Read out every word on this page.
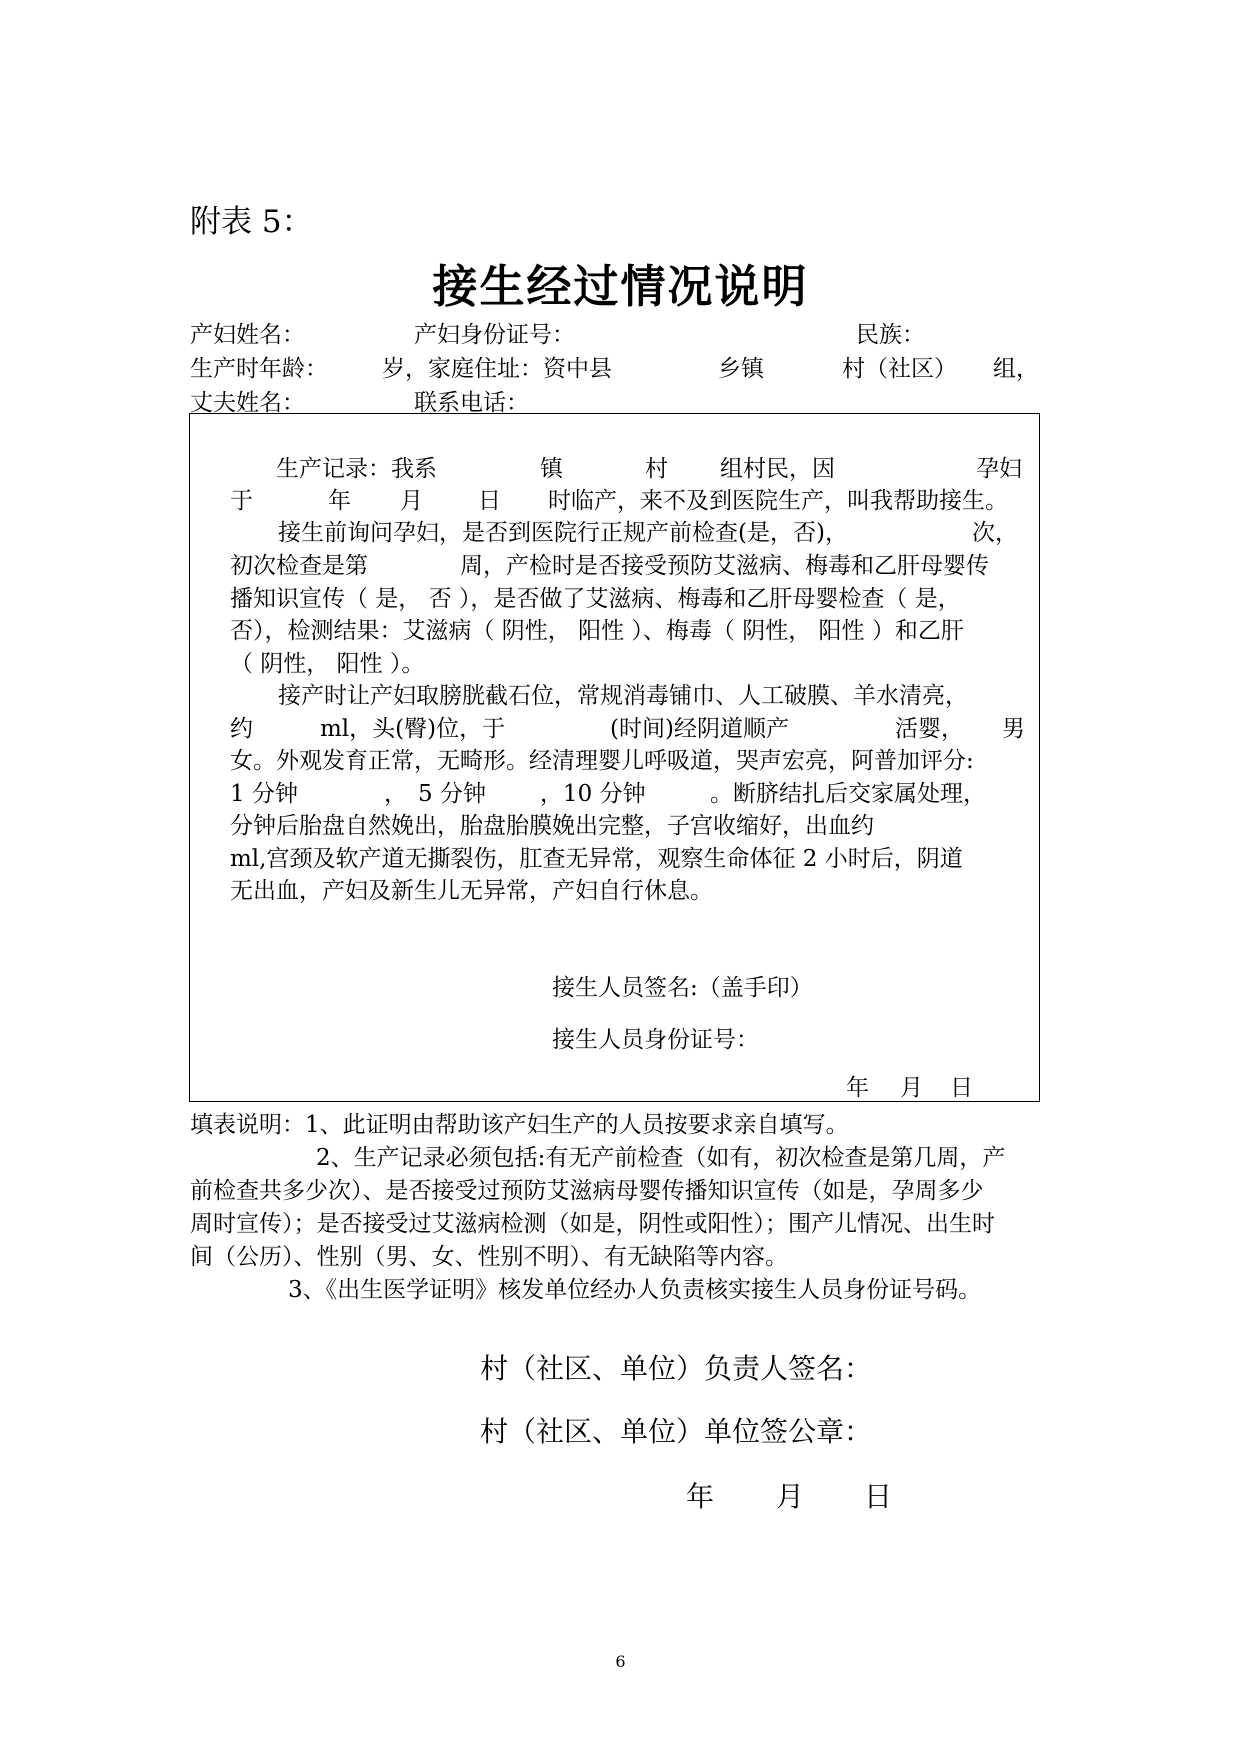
附表 5：
接生经过情况说明
产妇姓名：	产妇身份证号：	民族：
生产时年龄： 岁，家庭住址：资中县	乡镇	村（社区） 组，
丈夫姓名：	联系电话：
生产记录：我系	镇	村 组村民，因	孕妇
于	年 月 日 时临产，来不及到医院生产，叫我帮助接生。
接生前询问孕妇，是否到医院行正规产前检查(是，否)，	次，
初次检查是第	周，产检时是否接受预防艾滋病、梅毒和乙肝母婴传
播知识宣传（ 是， 否 ），是否做了艾滋病、梅毒和乙肝母婴检查（ 是，
否），检测结果：艾滋病（ 阴性， 阳性 ）、梅毒（ 阴性， 阳性 ）和乙肝
（ 阴性， 阳性 ）。
接产时让产妇取膀胱截石位，常规消毒铺巾、人工破膜、羊水清亮，
约	ml，头(臀)位，于	(时间)经阴道顺产	活婴， 男
女。外观发育正常，无畸形。经清理婴儿呼吸道，哭声宏亮，阿普加评分:
1 分钟	， 5 分钟 ，10 分钟	。断脐结扎后交家属处理，
分钟后胎盘自然娩出，胎盘胎膜娩出完整，子宫收缩好，出血约
ml,宫颈及软产道无撕裂伤，肛查无异常，观察生命体征 2 小时后，阴道
无出血，产妇及新生儿无异常，产妇自行休息。
接生人员签名:（盖手印）
接生人员身份证号：
年 月 日
填表说明：1、此证明由帮助该产妇生产的人员按要求亲自填写。
2、生产记录必须包括:有无产前检查（如有，初次检查是第几周，产
前检查共多少次）、是否接受过预防艾滋病母婴传播知识宣传（如是，孕周多少
周时宣传）；是否接受过艾滋病检测（如是，阴性或阳性）；围产儿情况、出生时
间（公历）、性别（男、女、性别不明）、有无缺陷等内容。
3、《出生医学证明》核发单位经办人负责核实接生人员身份证号码。
村（社区、单位）负责人签名：
村（社区、单位）单位签公章：
年 月 日
6
